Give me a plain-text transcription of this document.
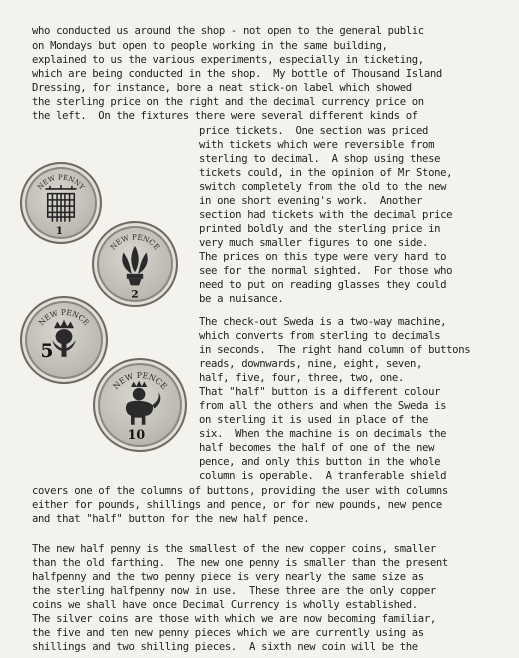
who conducted us around the shop - not open to the general public
on Mondays but open to people working in the same building,
explained to us the various experiments, especially in ticketing,
which are being conducted in the shop.  My bottle of Thousand Island
Dressing, for instance, bore a neat stick-on label which showed
the sterling price on the right and the decimal currency price on
the left.  On the fixtures there were several different kinds of
price tickets.  One section was priced
with tickets which were reversible from
sterling to decimal.  A shop using these
tickets could, in the opinion of Mr Stone,
switch completely from the old to the new
in one short evening's work.  Another
section had tickets with the decimal price
printed boldly and the sterling price in
very much smaller figures to one side.
The prices on this type were very hard to
see for the normal sighted.  For those who
need to put on reading glasses they could
be a nuisance.
The check-out Sweda is a two-way machine,
which converts from sterling to decimals
in seconds.  The right hand column of buttons
reads, downwards, nine, eight, seven,
half, five, four, three, two, one.
That "half" button is a different colour
from all the others and when the Sweda is
on sterling it is used in place of the
six.  When the machine is on decimals the
half becomes the half of one of the new
pence, and only this button in the whole
column is operable.  A tranferable shield
covers one of the columns of buttons, providing the user with columns
either for pounds, shillings and pence, or for new pounds, new pence
and that "half" button for the new half pence.
The new half penny is the smallest of the new copper coins, smaller
than the old farthing.  The new one penny is smaller than the present
halfpenny and the two penny piece is very nearly the same size as
the sterling halfpenny now in use.  These three are the only copper
coins we shall have once Decimal Currency is wholly established.
The silver coins are those with which we are now becoming familiar,
the five and ten new penny pieces which we are currently using as
shillings and two shilling pieces.  A sixth new coin will be the
NEW PENNY
1
NEW PENCE
2
NEW PENCE
5
NEW PENCE
10
